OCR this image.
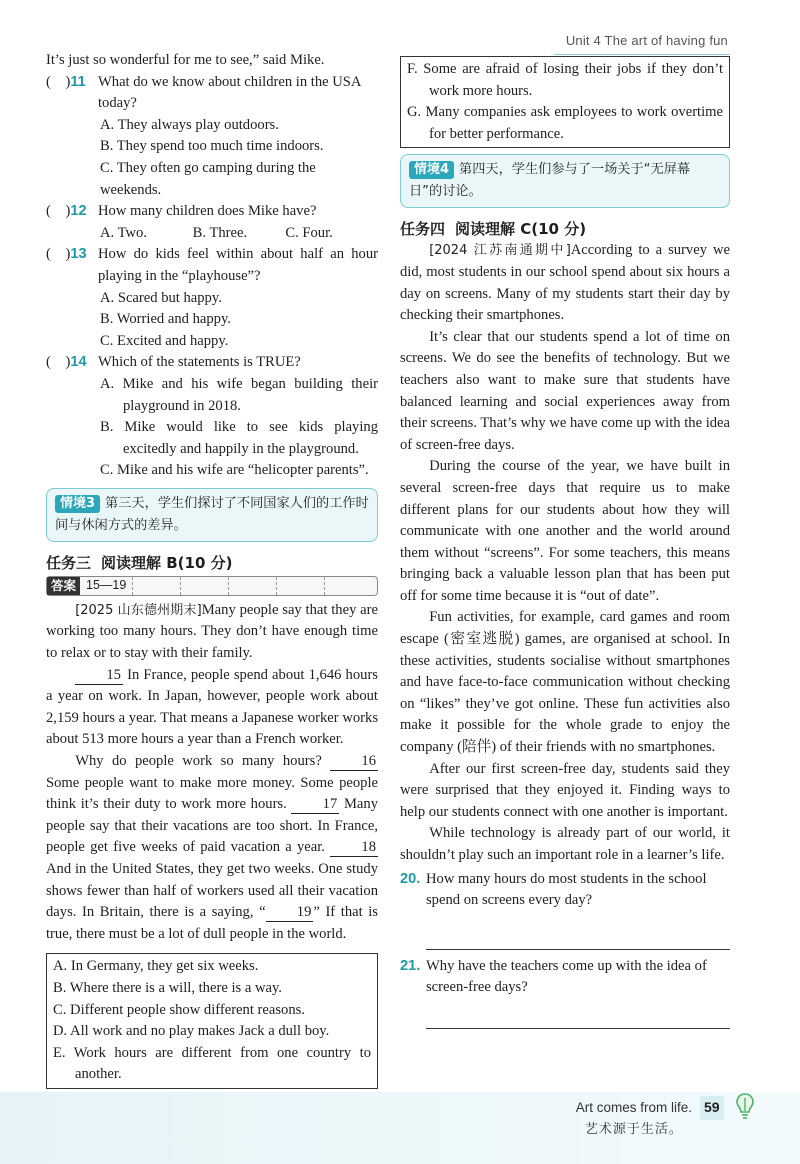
Unit 4 The art of having fun

It’s just so wonderful for me to see,” said Mike.

(    )11 What do we know about children in the USA today?

A. They always play outdoors.

B. They spend too much time indoors.

C. They often go camping during the weekends.

(    )12 How many children does Mike have?
A. Two.	B. Three.	C. Four.
(    )13 How do kids feel within about half an hour playing in the “playhouse”?

A. Scared but happy.

B. Worried and happy.

C. Excited and happy.

(    )14 Which of the statements is TRUE?

A. Mike and his wife began building their playground in 2018.

B. Mike would like to see kids playing excitedly and happily in the playground.

C. Mike and his wife are “helicopter parents”.

情境3 第三天，学生们探讨了不同国家人们的工作时间与休闲方式的差异。
任务三 阅读理解 B(10 分)
答案 15—19

[2025 山东德州期末]Many people say that they are working too many hours. They don’t have enough time to relax or to stay with their family.

15 In France, people spend about 1,646 hours a year on work. In Japan, however, people work about 2,159 hours a year. That means a Japanese worker works about 513 more hours a year than a French worker.

Why do people work so many hours?	16 Some people want to make more money. Some people think it’s their duty to work more hours. 17 Many people say that their vacations are too short. In France, people get five weeks of paid vacation a year. 18 And in the United States, they get two weeks. One study shows fewer than half of workers used all their vacation days. In Britain, there is a saying, “ 19 ” If that is true, there must be a lot of dull people in the world.

A. In Germany, they get six weeks.

B. Where there is a will, there is a way.

C. Different people show different reasons.

D. All work and no play makes Jack a dull boy.

E. Work hours are different from one country to another.

F. Some are afraid of losing their jobs if they don’t work more hours.

G. Many companies ask employees to work overtime for better performance.

情境4 第四天，学生们参与了一场关于“无屏幕日”的讨论。
任务四 阅读理解 C(10 分)

[2024 江苏南通期中]According to a survey we did, most students in our school spend about six hours a day on screens. Many of my students start their day by checking their smartphones.

It’s clear that our students spend a lot of time on screens. We do see the benefits of technology. But we teachers also want to make sure that students have balanced learning and social experiences away from their screens. That’s why we have come up with the idea of screen-free days.

During the course of the year, we have built in several screen-free days that require us to make different plans for our students about how they will communicate with one another and the world around them without “screens”. For some teachers, this means bringing back a valuable lesson plan that has been put off for some time because it is “out of date”.

Fun activities, for example, card games and room escape (密室逃脱) games, are organised at school. In these activities, students socialise without smartphones and have face-to-face communication without checking on “likes” they’ve got online. These fun activities also make it possible for the whole grade to enjoy the company (陪伴) of their friends with no smartphones.

After our first screen-free day, students said they were surprised that they enjoyed it. Finding ways to help our students connect with one another is important.

While technology is already part of our world, it shouldn’t play such an important role in a learner’s life.

20. How many hours do most students in the school spend on screens every day?
21. Why have the teachers come up with the idea of screen-free days?
Art comes from life.
艺术源于生活。
59
